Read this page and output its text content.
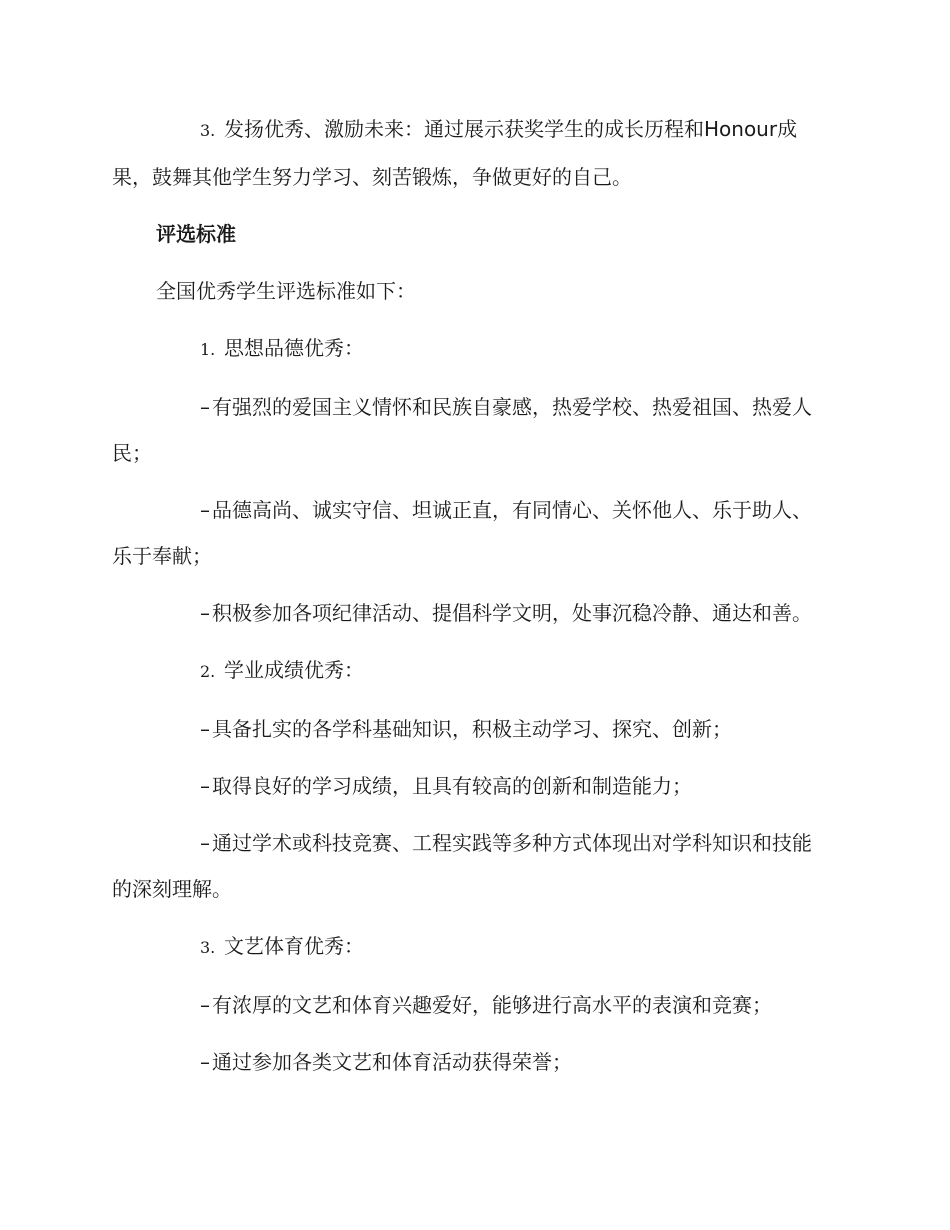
3. 发扬优秀、激励未来：通过展示获奖学生的成长历程和Honour成果，鼓舞其他学生努力学习、刻苦锻炼，争做更好的自己。

评选标准

全国优秀学生评选标准如下：

1. 思想品德优秀：

– 有强烈的爱国主义情怀和民族自豪感，热爱学校、热爱祖国、热爱人民；

– 品德高尚、诚实守信、坦诚正直，有同情心、关怀他人、乐于助人、乐于奉献；

– 积极参加各项纪律活动、提倡科学文明，处事沉稳冷静、通达和善。

2. 学业成绩优秀：

– 具备扎实的各学科基础知识，积极主动学习、探究、创新；

– 取得良好的学习成绩，且具有较高的创新和制造能力；

– 通过学术或科技竞赛、工程实践等多种方式体现出对学科知识和技能的深刻理解。

3. 文艺体育优秀：

– 有浓厚的文艺和体育兴趣爱好，能够进行高水平的表演和竞赛；

– 通过参加各类文艺和体育活动获得荣誉；
